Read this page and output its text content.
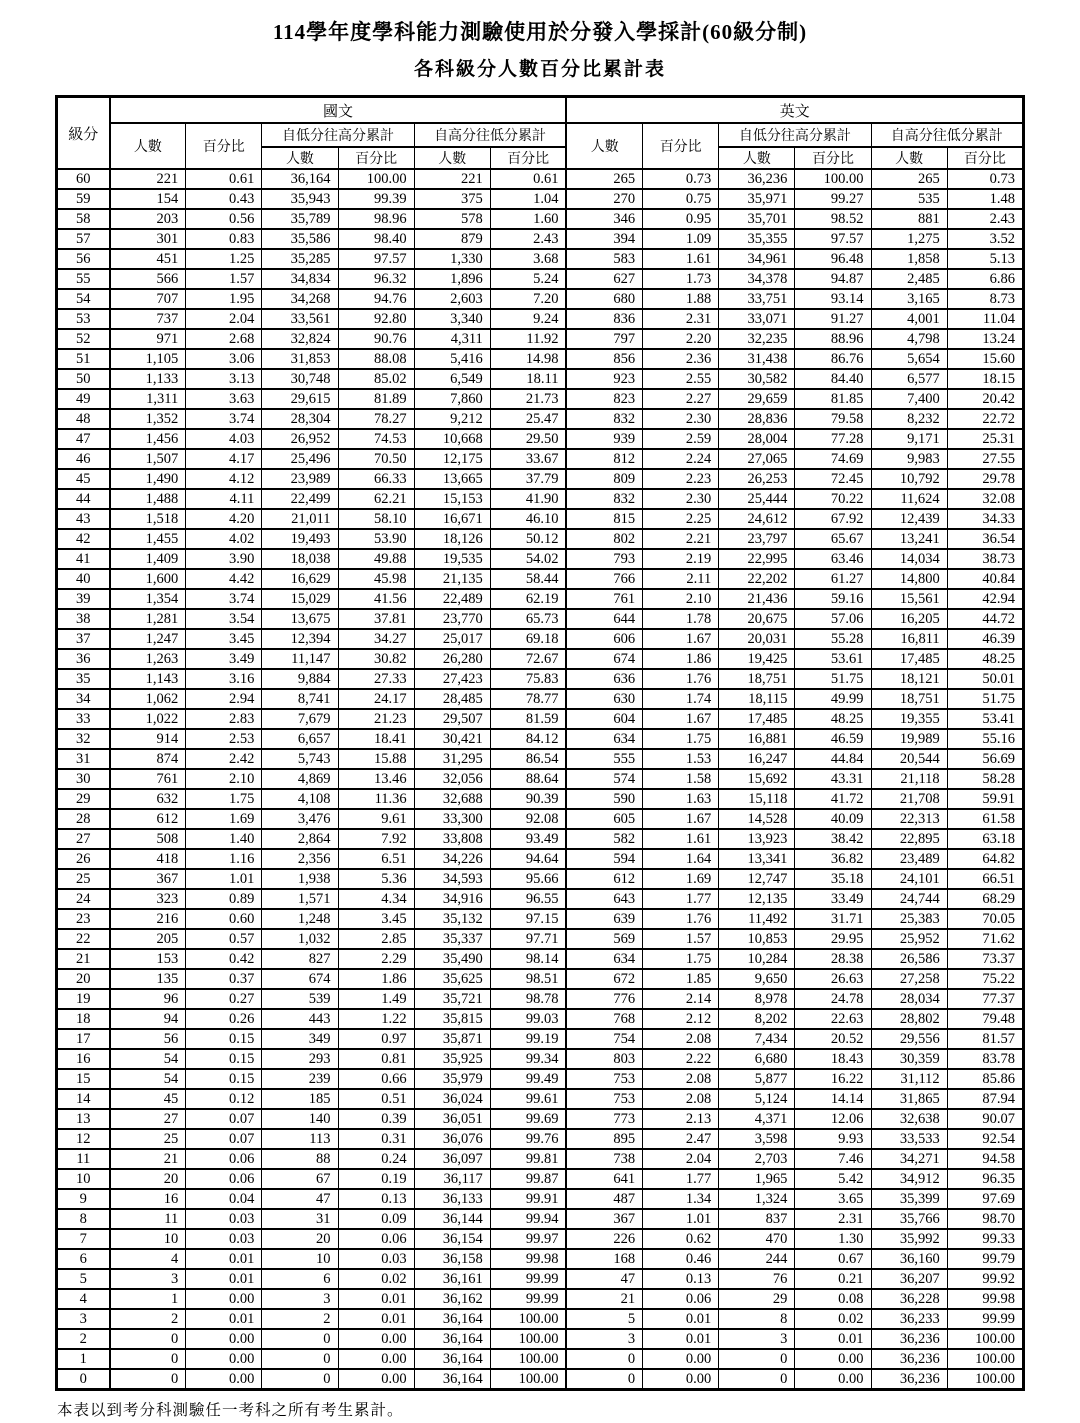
114學年度學科能力測驗使用於分發入學採計(60級分制)
各科級分人數百分比累計表
級分	國文						英文					
	人數	百分比	自低分往高分累計		自高分往低分累計		人數	百分比	自低分往高分累計		自高分往低分累計	
			人數	百分比	人數	百分比			人數	百分比	人數	百分比
60	221	0.61	36,164	100.00	221	0.61	265	0.73	36,236	100.00	265	0.73
59	154	0.43	35,943	99.39	375	1.04	270	0.75	35,971	99.27	535	1.48
58	203	0.56	35,789	98.96	578	1.60	346	0.95	35,701	98.52	881	2.43
57	301	0.83	35,586	98.40	879	2.43	394	1.09	35,355	97.57	1,275	3.52
56	451	1.25	35,285	97.57	1,330	3.68	583	1.61	34,961	96.48	1,858	5.13
55	566	1.57	34,834	96.32	1,896	5.24	627	1.73	34,378	94.87	2,485	6.86
54	707	1.95	34,268	94.76	2,603	7.20	680	1.88	33,751	93.14	3,165	8.73
53	737	2.04	33,561	92.80	3,340	9.24	836	2.31	33,071	91.27	4,001	11.04
52	971	2.68	32,824	90.76	4,311	11.92	797	2.20	32,235	88.96	4,798	13.24
51	1,105	3.06	31,853	88.08	5,416	14.98	856	2.36	31,438	86.76	5,654	15.60
50	1,133	3.13	30,748	85.02	6,549	18.11	923	2.55	30,582	84.40	6,577	18.15
49	1,311	3.63	29,615	81.89	7,860	21.73	823	2.27	29,659	81.85	7,400	20.42
48	1,352	3.74	28,304	78.27	9,212	25.47	832	2.30	28,836	79.58	8,232	22.72
47	1,456	4.03	26,952	74.53	10,668	29.50	939	2.59	28,004	77.28	9,171	25.31
46	1,507	4.17	25,496	70.50	12,175	33.67	812	2.24	27,065	74.69	9,983	27.55
45	1,490	4.12	23,989	66.33	13,665	37.79	809	2.23	26,253	72.45	10,792	29.78
44	1,488	4.11	22,499	62.21	15,153	41.90	832	2.30	25,444	70.22	11,624	32.08
43	1,518	4.20	21,011	58.10	16,671	46.10	815	2.25	24,612	67.92	12,439	34.33
42	1,455	4.02	19,493	53.90	18,126	50.12	802	2.21	23,797	65.67	13,241	36.54
41	1,409	3.90	18,038	49.88	19,535	54.02	793	2.19	22,995	63.46	14,034	38.73
40	1,600	4.42	16,629	45.98	21,135	58.44	766	2.11	22,202	61.27	14,800	40.84
39	1,354	3.74	15,029	41.56	22,489	62.19	761	2.10	21,436	59.16	15,561	42.94
38	1,281	3.54	13,675	37.81	23,770	65.73	644	1.78	20,675	57.06	16,205	44.72
37	1,247	3.45	12,394	34.27	25,017	69.18	606	1.67	20,031	55.28	16,811	46.39
36	1,263	3.49	11,147	30.82	26,280	72.67	674	1.86	19,425	53.61	17,485	48.25
35	1,143	3.16	9,884	27.33	27,423	75.83	636	1.76	18,751	51.75	18,121	50.01
34	1,062	2.94	8,741	24.17	28,485	78.77	630	1.74	18,115	49.99	18,751	51.75
33	1,022	2.83	7,679	21.23	29,507	81.59	604	1.67	17,485	48.25	19,355	53.41
32	914	2.53	6,657	18.41	30,421	84.12	634	1.75	16,881	46.59	19,989	55.16
31	874	2.42	5,743	15.88	31,295	86.54	555	1.53	16,247	44.84	20,544	56.69
30	761	2.10	4,869	13.46	32,056	88.64	574	1.58	15,692	43.31	21,118	58.28
29	632	1.75	4,108	11.36	32,688	90.39	590	1.63	15,118	41.72	21,708	59.91
28	612	1.69	3,476	9.61	33,300	92.08	605	1.67	14,528	40.09	22,313	61.58
27	508	1.40	2,864	7.92	33,808	93.49	582	1.61	13,923	38.42	22,895	63.18
26	418	1.16	2,356	6.51	34,226	94.64	594	1.64	13,341	36.82	23,489	64.82
25	367	1.01	1,938	5.36	34,593	95.66	612	1.69	12,747	35.18	24,101	66.51
24	323	0.89	1,571	4.34	34,916	96.55	643	1.77	12,135	33.49	24,744	68.29
23	216	0.60	1,248	3.45	35,132	97.15	639	1.76	11,492	31.71	25,383	70.05
22	205	0.57	1,032	2.85	35,337	97.71	569	1.57	10,853	29.95	25,952	71.62
21	153	0.42	827	2.29	35,490	98.14	634	1.75	10,284	28.38	26,586	73.37
20	135	0.37	674	1.86	35,625	98.51	672	1.85	9,650	26.63	27,258	75.22
19	96	0.27	539	1.49	35,721	98.78	776	2.14	8,978	24.78	28,034	77.37
18	94	0.26	443	1.22	35,815	99.03	768	2.12	8,202	22.63	28,802	79.48
17	56	0.15	349	0.97	35,871	99.19	754	2.08	7,434	20.52	29,556	81.57
16	54	0.15	293	0.81	35,925	99.34	803	2.22	6,680	18.43	30,359	83.78
15	54	0.15	239	0.66	35,979	99.49	753	2.08	5,877	16.22	31,112	85.86
14	45	0.12	185	0.51	36,024	99.61	753	2.08	5,124	14.14	31,865	87.94
13	27	0.07	140	0.39	36,051	99.69	773	2.13	4,371	12.06	32,638	90.07
12	25	0.07	113	0.31	36,076	99.76	895	2.47	3,598	9.93	33,533	92.54
11	21	0.06	88	0.24	36,097	99.81	738	2.04	2,703	7.46	34,271	94.58
10	20	0.06	67	0.19	36,117	99.87	641	1.77	1,965	5.42	34,912	96.35
9	16	0.04	47	0.13	36,133	99.91	487	1.34	1,324	3.65	35,399	97.69
8	11	0.03	31	0.09	36,144	99.94	367	1.01	837	2.31	35,766	98.70
7	10	0.03	20	0.06	36,154	99.97	226	0.62	470	1.30	35,992	99.33
6	4	0.01	10	0.03	36,158	99.98	168	0.46	244	0.67	36,160	99.79
5	3	0.01	6	0.02	36,161	99.99	47	0.13	76	0.21	36,207	99.92
4	1	0.00	3	0.01	36,162	99.99	21	0.06	29	0.08	36,228	99.98
3	2	0.01	2	0.01	36,164	100.00	5	0.01	8	0.02	36,233	99.99
2	0	0.00	0	0.00	36,164	100.00	3	0.01	3	0.01	36,236	100.00
1	0	0.00	0	0.00	36,164	100.00	0	0.00	0	0.00	36,236	100.00
0	0	0.00	0	0.00	36,164	100.00	0	0.00	0	0.00	36,236	100.00
本表以到考分科測驗任一考科之所有考生累計。
